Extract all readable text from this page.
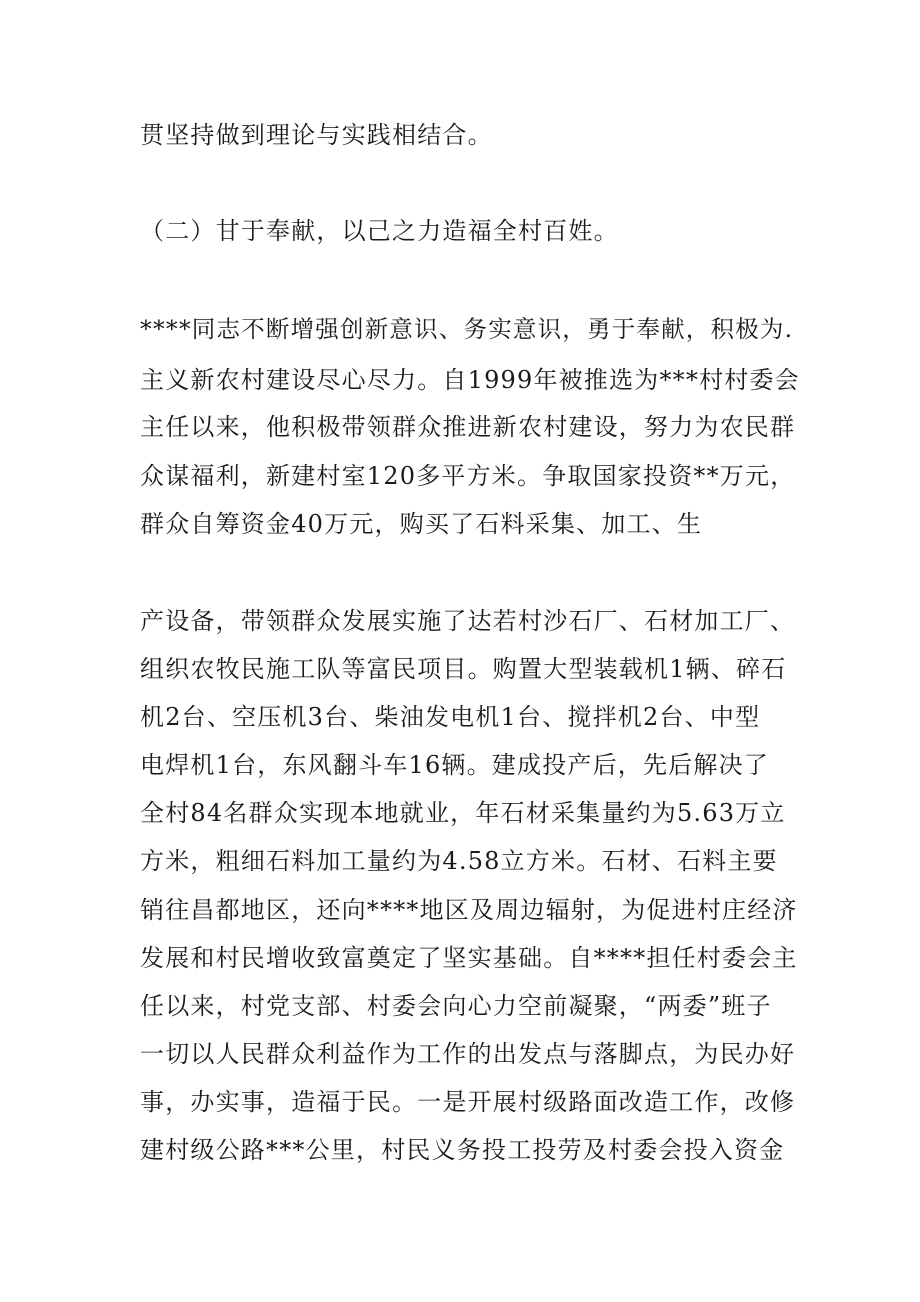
贯坚持做到理论与实践相结合。
（二）甘于奉献，以己之力造福全村百姓。
****同志不断增强创新意识、务实意识，勇于奉献，积极为.
主义新农村建设尽心尽力。自1999年被推选为***村村委会
主任以来，他积极带领群众推进新农村建设，努力为农民群
众谋福利，新建村室120多平方米。争取国家投资**万元，
群众自筹资金40万元，购买了石料采集、加工、生
产设备，带领群众发展实施了达若村沙石厂、石材加工厂、
组织农牧民施工队等富民项目。购置大型装载机1辆、碎石
机2台、空压机3台、柴油发电机1台、搅拌机2台、中型
电焊机1台，东风翻斗车16辆。建成投产后，先后解决了
全村84名群众实现本地就业，年石材采集量约为5.63万立
方米，粗细石料加工量约为4.58立方米。石材、石料主要
销往昌都地区，还向****地区及周边辐射，为促进村庄经济
发展和村民增收致富奠定了坚实基础。自****担任村委会主
任以来，村党支部、村委会向心力空前凝聚，“两委”班子
一切以人民群众利益作为工作的出发点与落脚点，为民办好
事，办实事，造福于民。一是开展村级路面改造工作，改修
建村级公路***公里，村民义务投工投劳及村委会投入资金
